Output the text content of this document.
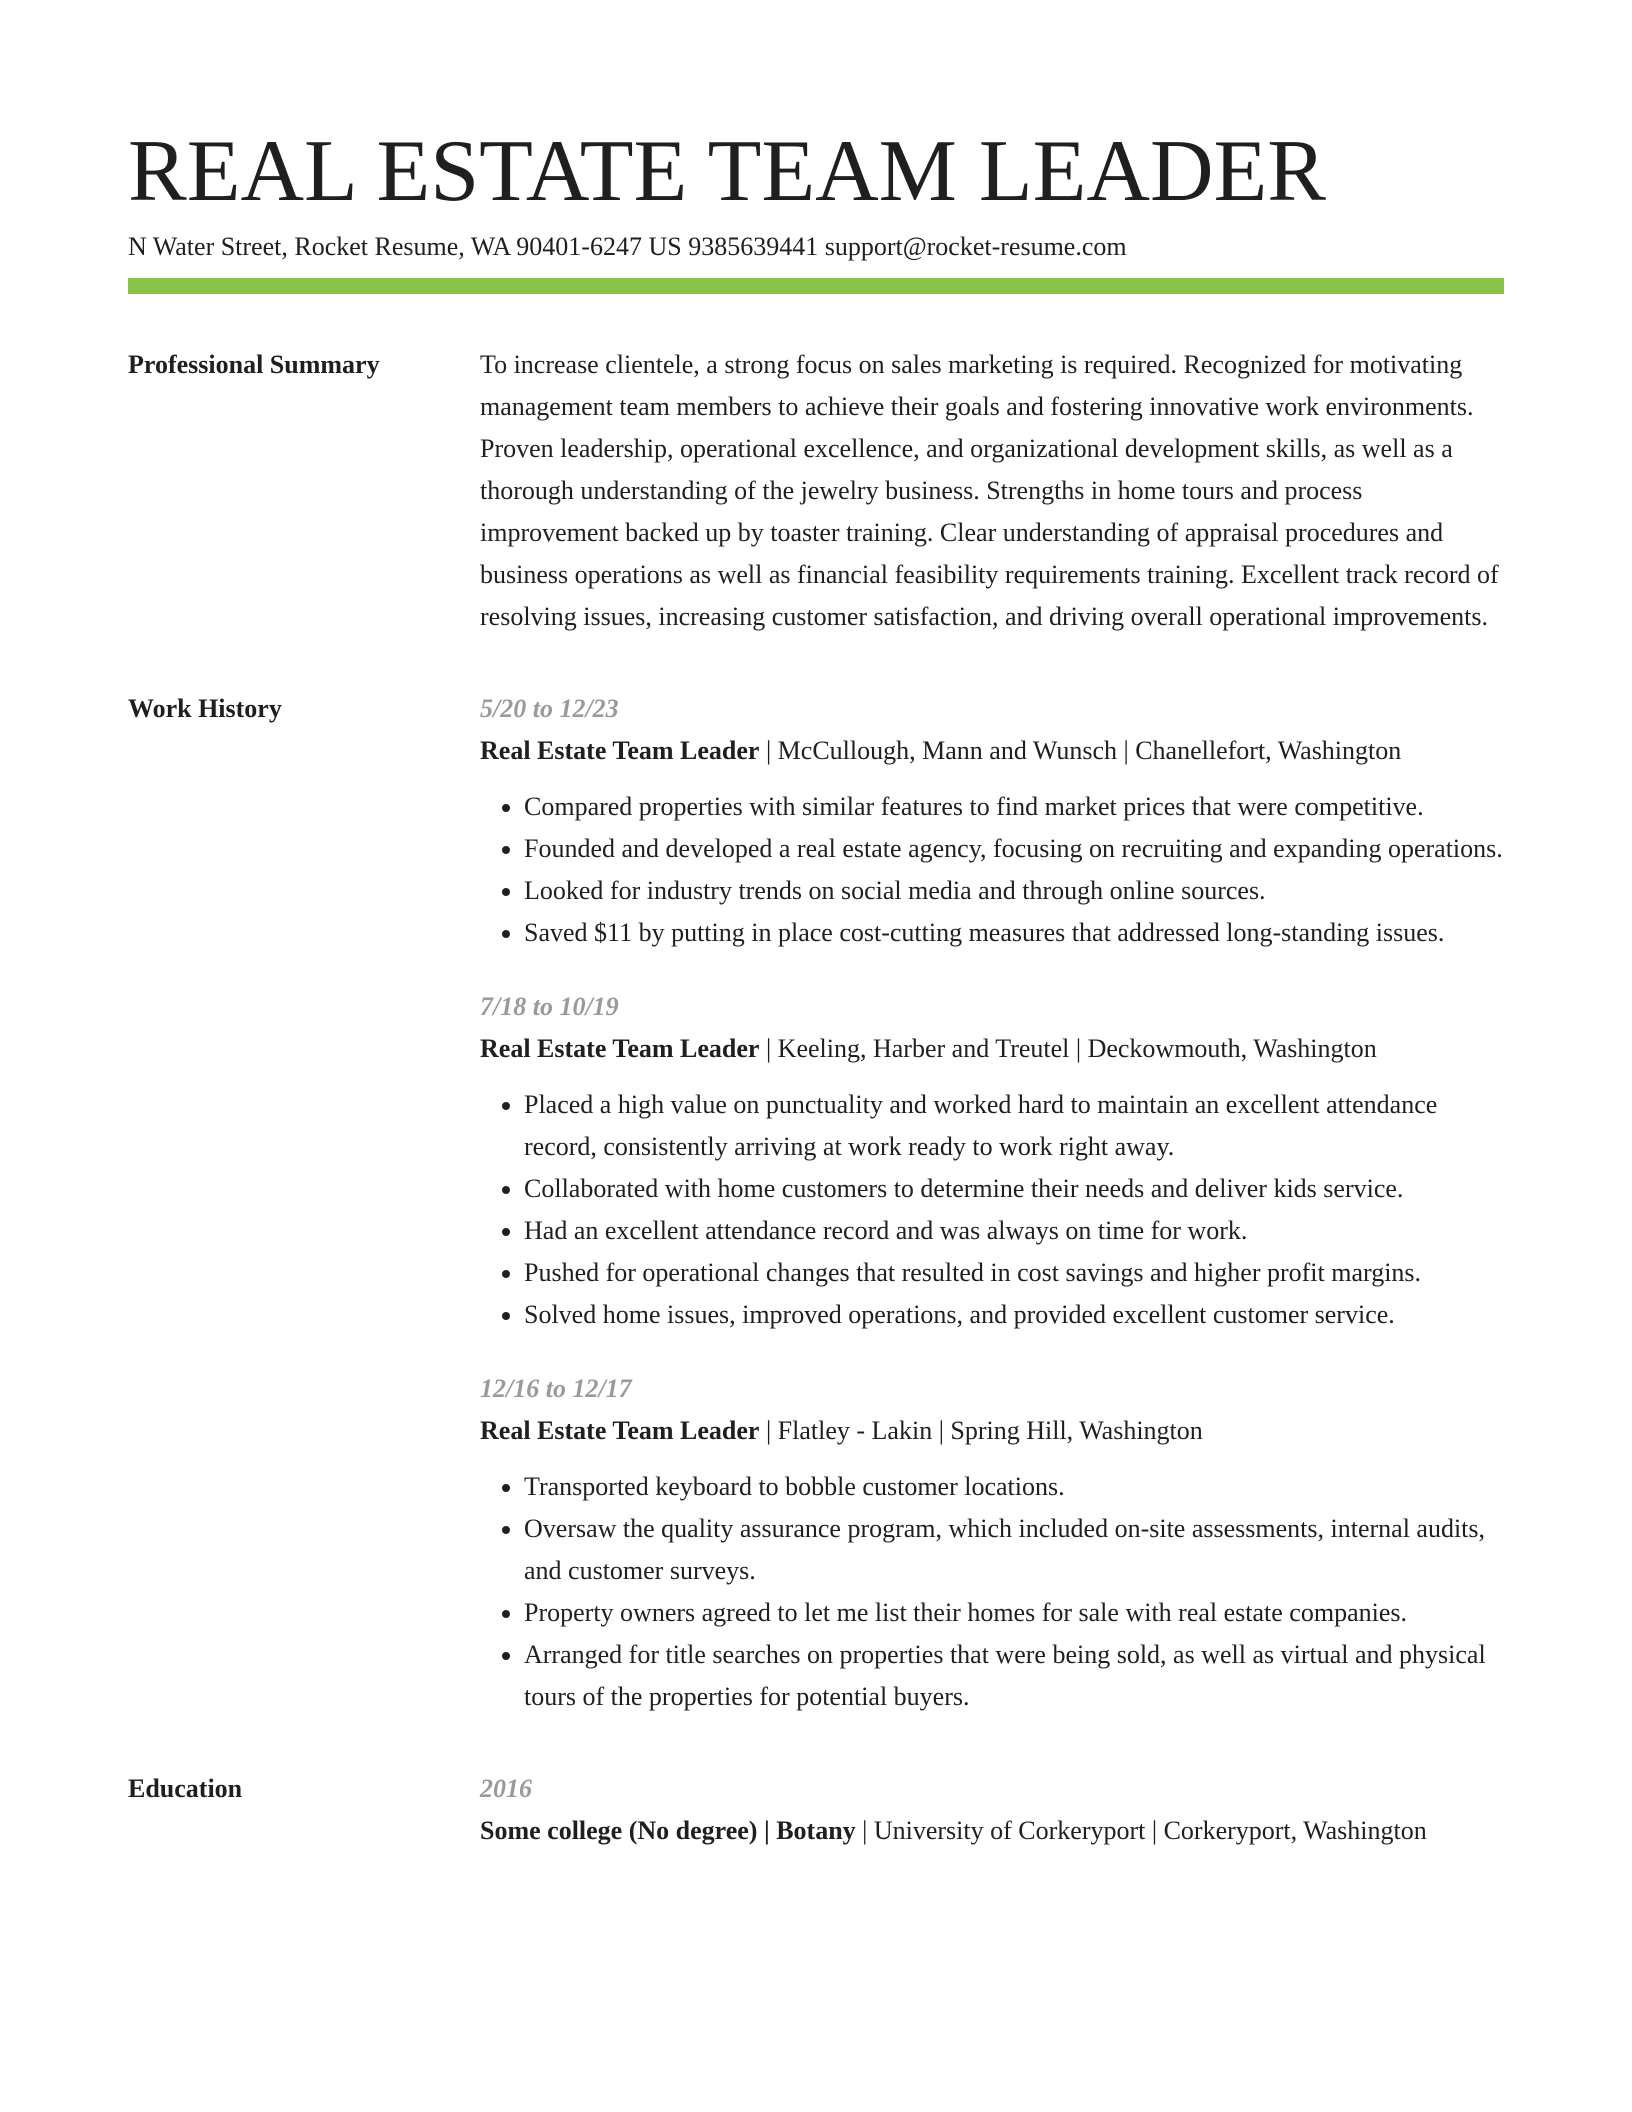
REAL ESTATE TEAM LEADER
N Water Street, Rocket Resume, WA 90401-6247 US 9385639441 support@rocket-resume.com
Professional Summary	To increase clientele, a strong focus on sales marketing is required. Recognized for motivating management team members to achieve their goals and fostering innovative work environments. Proven leadership, operational excellence, and organizational development skills, as well as a thorough understanding of the jewelry business. Strengths in home tours and process improvement backed up by toaster training. Clear understanding of appraisal procedures and business operations as well as financial feasibility requirements training. Excellent track record of resolving issues, increasing customer satisfaction, and driving overall operational improvements.

Work History	5/20 to 12/23
Real Estate Team Leader | McCullough, Mann and Wunsch | Chanellefort, Washington
• Compared properties with similar features to find market prices that were competitive.
• Founded and developed a real estate agency, focusing on recruiting and expanding operations.
• Looked for industry trends on social media and through online sources.
• Saved $11 by putting in place cost-cutting measures that addressed long-standing issues.
7/18 to 10/19
Real Estate Team Leader | Keeling, Harber and Treutel | Deckowmouth, Washington
• Placed a high value on punctuality and worked hard to maintain an excellent attendance record, consistently arriving at work ready to work right away.
• Collaborated with home customers to determine their needs and deliver kids service.
• Had an excellent attendance record and was always on time for work.
• Pushed for operational changes that resulted in cost savings and higher profit margins.
• Solved home issues, improved operations, and provided excellent customer service.
12/16 to 12/17
Real Estate Team Leader | Flatley - Lakin | Spring Hill, Washington
• Transported keyboard to bobble customer locations.
• Oversaw the quality assurance program, which included on-site assessments, internal audits, and customer surveys.
• Property owners agreed to let me list their homes for sale with real estate companies.
• Arranged for title searches on properties that were being sold, as well as virtual and physical tours of the properties for potential buyers.
Education	2016
Some college (No degree) | Botany | University of Corkeryport | Corkeryport, Washington
